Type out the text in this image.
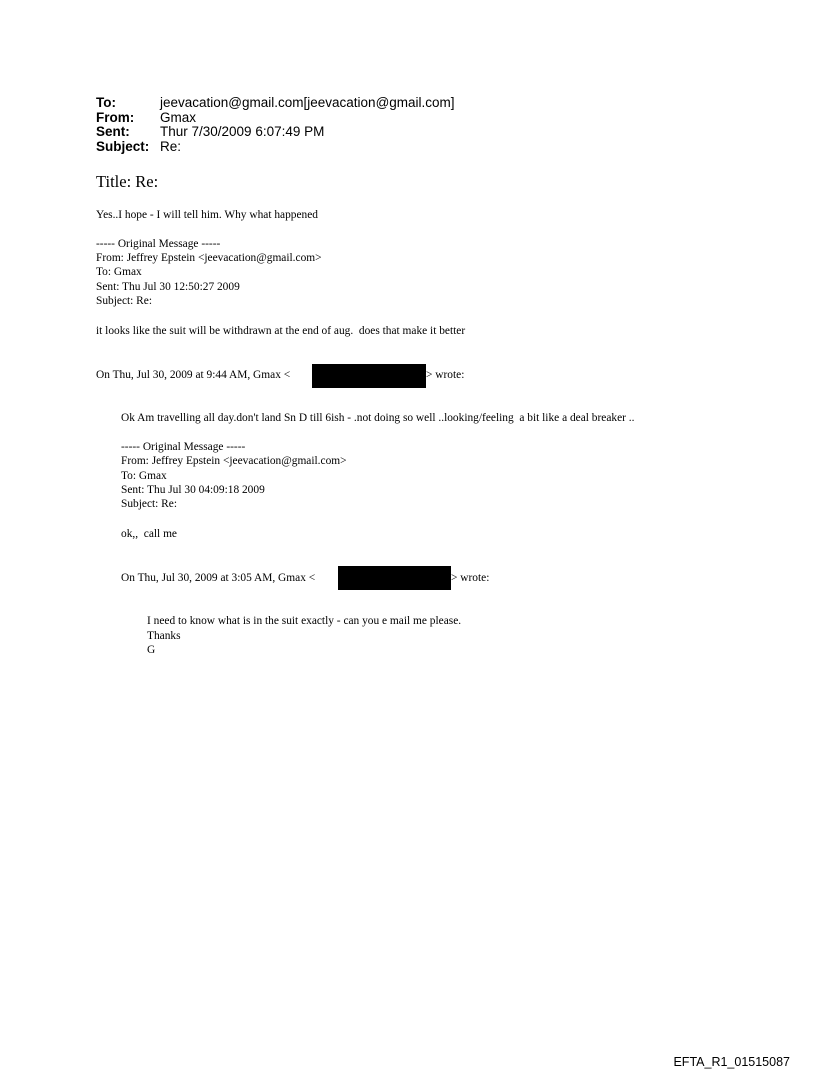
To:	jeevacation@gmail.com[jeevacation@gmail.com]
From:	Gmax
Sent:	Thur 7/30/2009 6:07:49 PM
Subject: Re:
Title: Re:
Yes..I hope - I will tell him. Why what happened
----- Original Message -----
From: Jeffrey Epstein <jeevacation@gmail.com>
To: Gmax
Sent: Thu Jul 30 12:50:27 2009
Subject: Re:
it looks like the suit will be withdrawn at the end of aug.  does that make it better
On Thu, Jul 30, 2009 at 9:44 AM, Gmax <	> wrote:
Ok Am travelling all day.don't land Sn D till 6ish - .not doing so well ..looking/feeling  a bit like a deal breaker ..
----- Original Message -----
From: Jeffrey Epstein <jeevacation@gmail.com>
To: Gmax
Sent: Thu Jul 30 04:09:18 2009
Subject: Re:
ok,,  call me
On Thu, Jul 30, 2009 at 3:05 AM, Gmax <	> wrote:
I need to know what is in the suit exactly - can you e mail me please.
Thanks
G
EFTA_R1_01515087
